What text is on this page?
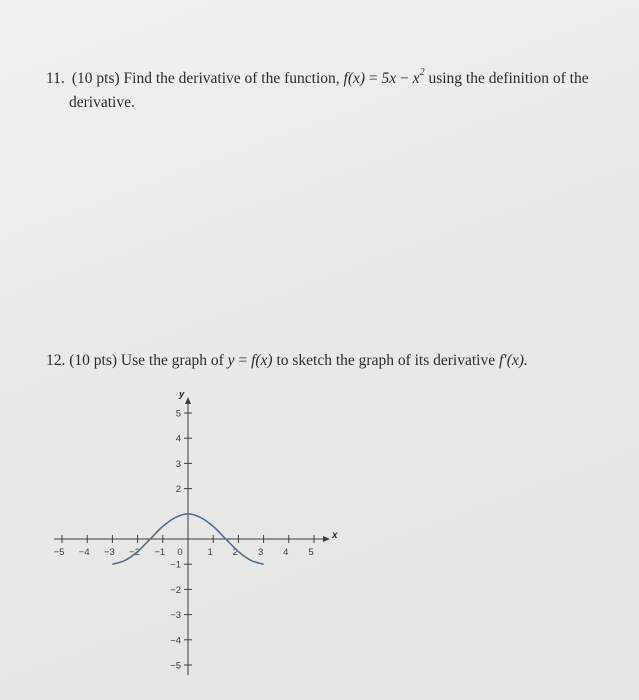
11. (10 pts) Find the derivative of the function, $f(x) = 5x - x^2$ using the definition of the
derivative.
12. (10 pts) Use the graph of y = f(x) to sketch the graph of its derivative f′(x).
x
y
−5 −4 −3 −2 −1 0	1 2 3 4 5
5
4
3
2
−1
−2
−3
−4
−5
